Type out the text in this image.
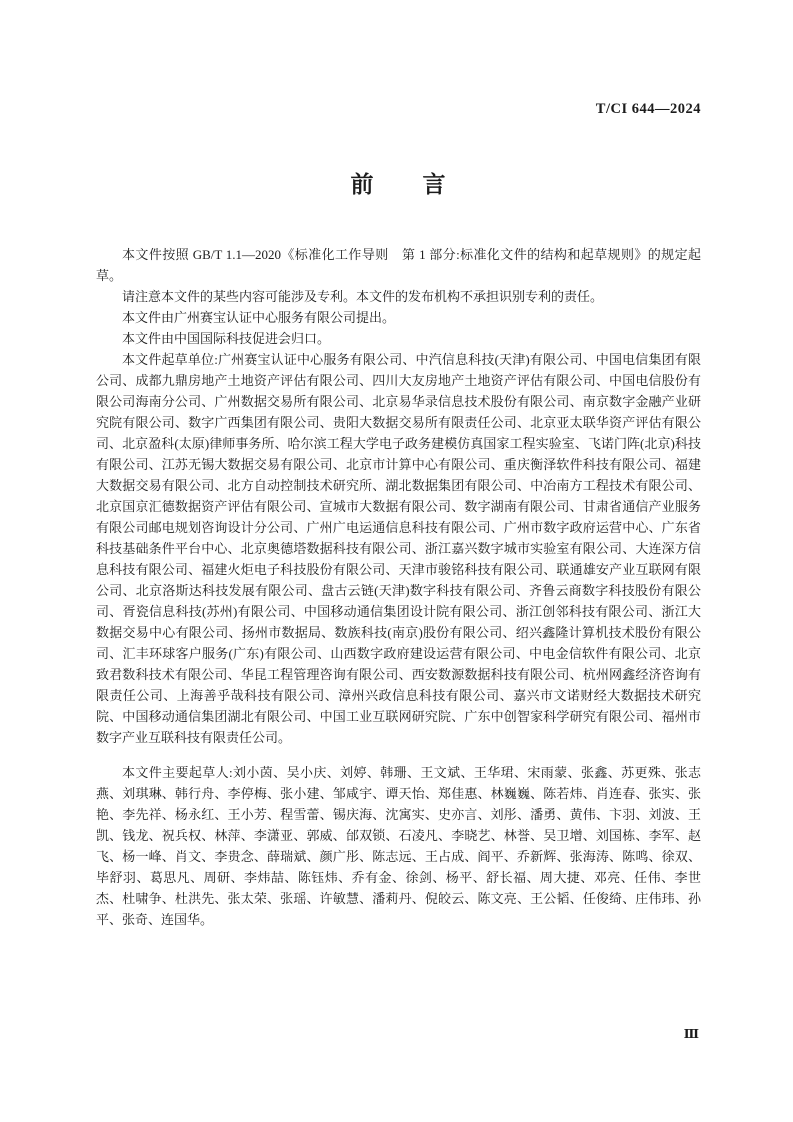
T/CI 644—2024
前　　言

本文件按照 GB/T 1.1—2020《标准化工作导则　第 1 部分:标准化文件的结构和起草规则》的规定起草。

请注意本文件的某些内容可能涉及专利。本文件的发布机构不承担识别专利的责任。

本文件由广州赛宝认证中心服务有限公司提出。

本文件由中国国际科技促进会归口。

本文件起草单位:广州赛宝认证中心服务有限公司、中汽信息科技(天津)有限公司、中国电信集团有限公司、成都九鼎房地产土地资产评估有限公司、四川大友房地产土地资产评估有限公司、中国电信股份有限公司海南分公司、广州数据交易所有限公司、北京易华录信息技术股份有限公司、南京数字金融产业研究院有限公司、数字广西集团有限公司、贵阳大数据交易所有限责任公司、北京亚太联华资产评估有限公司、北京盈科(太原)律师事务所、哈尔滨工程大学电子政务建模仿真国家工程实验室、飞诺门阵(北京)科技有限公司、江苏无锡大数据交易有限公司、北京市计算中心有限公司、重庆衡泽软件科技有限公司、福建大数据交易有限公司、北方自动控制技术研究所、湖北数据集团有限公司、中冶南方工程技术有限公司、北京国京汇德数据资产评估有限公司、宣城市大数据有限公司、数字湖南有限公司、甘肃省通信产业服务有限公司邮电规划咨询设计分公司、广州广电运通信息科技有限公司、广州市数字政府运营中心、广东省科技基础条件平台中心、北京奥德塔数据科技有限公司、浙江嘉兴数字城市实验室有限公司、大连深方信息科技有限公司、福建火炬电子科技股份有限公司、天津市骏铭科技有限公司、联通雄安产业互联网有限公司、北京洛斯达科技发展有限公司、盘古云链(天津)数字科技有限公司、齐鲁云商数字科技股份有限公司、胥瓷信息科技(苏州)有限公司、中国移动通信集团设计院有限公司、浙江创邻科技有限公司、浙江大数据交易中心有限公司、扬州市数据局、数族科技(南京)股份有限公司、绍兴鑫隆计算机技术股份有限公司、汇丰环球客户服务(广东)有限公司、山西数字政府建设运营有限公司、中电金信软件有限公司、北京致君数科技术有限公司、华昆工程管理咨询有限公司、西安数源数据科技有限公司、杭州网鑫经济咨询有限责任公司、上海善乎哉科技有限公司、漳州兴政信息科技有限公司、嘉兴市文诺财经大数据技术研究院、中国移动通信集团湖北有限公司、中国工业互联网研究院、广东中创智家科学研究有限公司、福州市数字产业互联科技有限责任公司。

本文件主要起草人:刘小茵、吴小庆、刘婷、韩珊、王文斌、王华珺、宋雨蒙、张鑫、苏更殊、张志燕、刘琪琳、韩行舟、李停梅、张小建、邹咸宇、谭天怡、郑佳惠、林巍巍、陈若炜、肖连春、张实、张艳、李先祥、杨永红、王小芳、程雪蕾、锡庆海、沈寓实、史亦言、刘彤、潘勇、黄伟、卞羽、刘波、王凯、钱龙、祝兵权、林萍、李潇亚、郭威、邰双锁、石凌凡、李晓艺、林誉、吴卫增、刘国栋、李军、赵飞、杨一峰、肖文、李贵念、薛瑞斌、颜广彤、陈志远、王占成、阎平、乔新辉、张海涛、陈鸣、徐双、毕舒羽、葛思凡、周研、李炜喆、陈钰炜、乔有金、徐剑、杨平、舒长福、周大捷、邓亮、任伟、李世杰、杜啸争、杜洪先、张太荣、张瑶、许敏慧、潘莉丹、倪皎云、陈文亮、王公韬、任俊绮、庄伟玮、孙平、张奇、连国华。

Ⅲ
